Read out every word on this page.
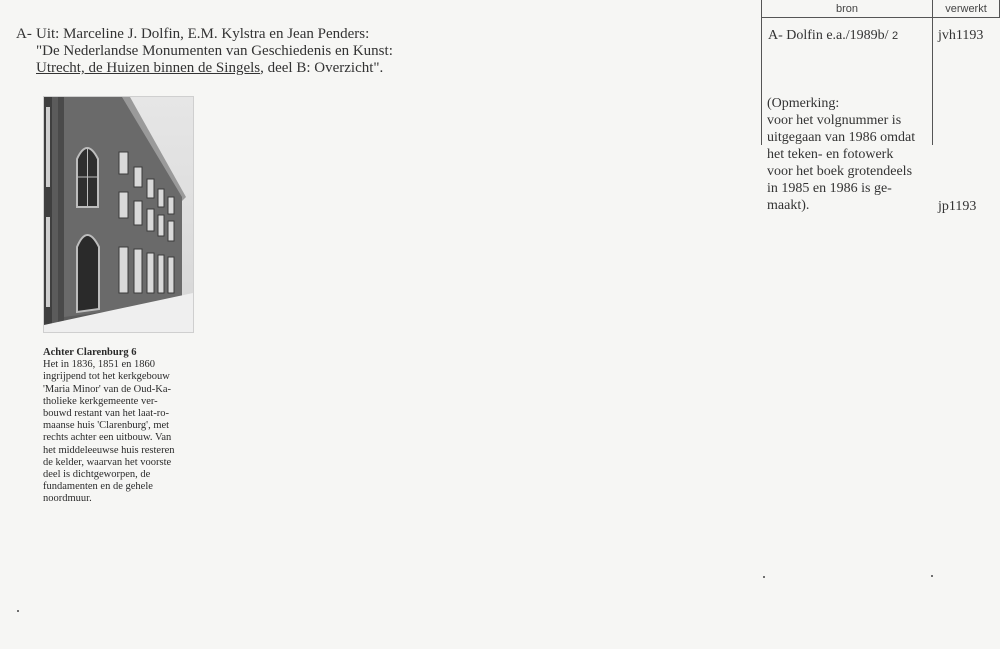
bron	verwerkt
A- Uit: Marceline J. Dolfin, E.M. Kylstra en Jean Penders:
"De Nederlandse Monumenten van Geschiedenis en Kunst:
Utrecht, de Huizen binnen de Singels, deel B: Overzicht".
Achter Clarenburg 6
Het in 1836, 1851 en 1860
ingrijpend tot het kerkgebouw
'Maria Minor' van de Oud-Ka-
tholieke kerkgemeente ver-
bouwd restant van het laat-ro-
maanse huis 'Clarenburg', met
rechts achter een uitbouw. Van
het middeleeuwse huis resteren
de kelder, waarvan het voorste
deel is dichtgeworpen, de
fundamenten en de gehele
noordmuur.
A- Dolfin e.a./1989b/ 2	jvh1193
(Opmerking:
voor het volgnummer is
uitgegaan van 1986 omdat
het teken- en fotowerk
voor het boek grotendeels
in 1985 en 1986 is ge-
maakt).	jp1193
